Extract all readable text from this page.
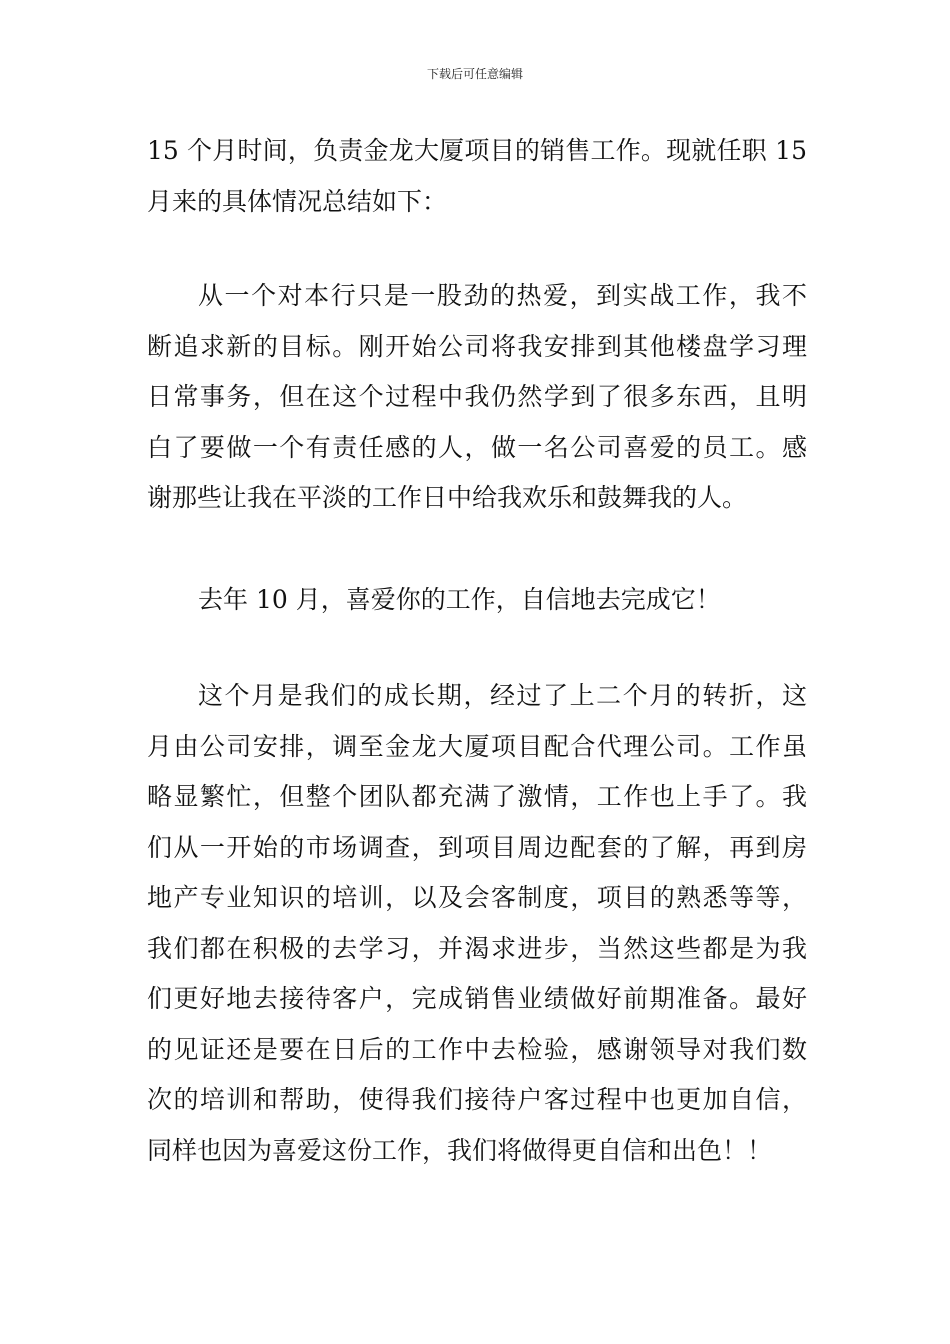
下载后可任意编辑
15 个月时间，负责金龙大厦项目的销售工作。现就任职 15
月来的具体情况总结如下：
从一个对本行只是一股劲的热爱，到实战工作，我不
断追求新的目标。刚开始公司将我安排到其他楼盘学习理
日常事务，但在这个过程中我仍然学到了很多东西，且明
白了要做一个有责任感的人，做一名公司喜爱的员工。感
谢那些让我在平淡的工作日中给我欢乐和鼓舞我的人。
去年 10 月，喜爱你的工作，自信地去完成它！
这个月是我们的成长期，经过了上二个月的转折，这
月由公司安排，调至金龙大厦项目配合代理公司。工作虽
略显繁忙，但整个团队都充满了激情，工作也上手了。我
们从一开始的市场调查，到项目周边配套的了解，再到房
地产专业知识的培训，以及会客制度，项目的熟悉等等，
我们都在积极的去学习，并渴求进步，当然这些都是为我
们更好地去接待客户，完成销售业绩做好前期准备。最好
的见证还是要在日后的工作中去检验，感谢领导对我们数
次的培训和帮助，使得我们接待户客过程中也更加自信，
同样也因为喜爱这份工作，我们将做得更自信和出色！！
